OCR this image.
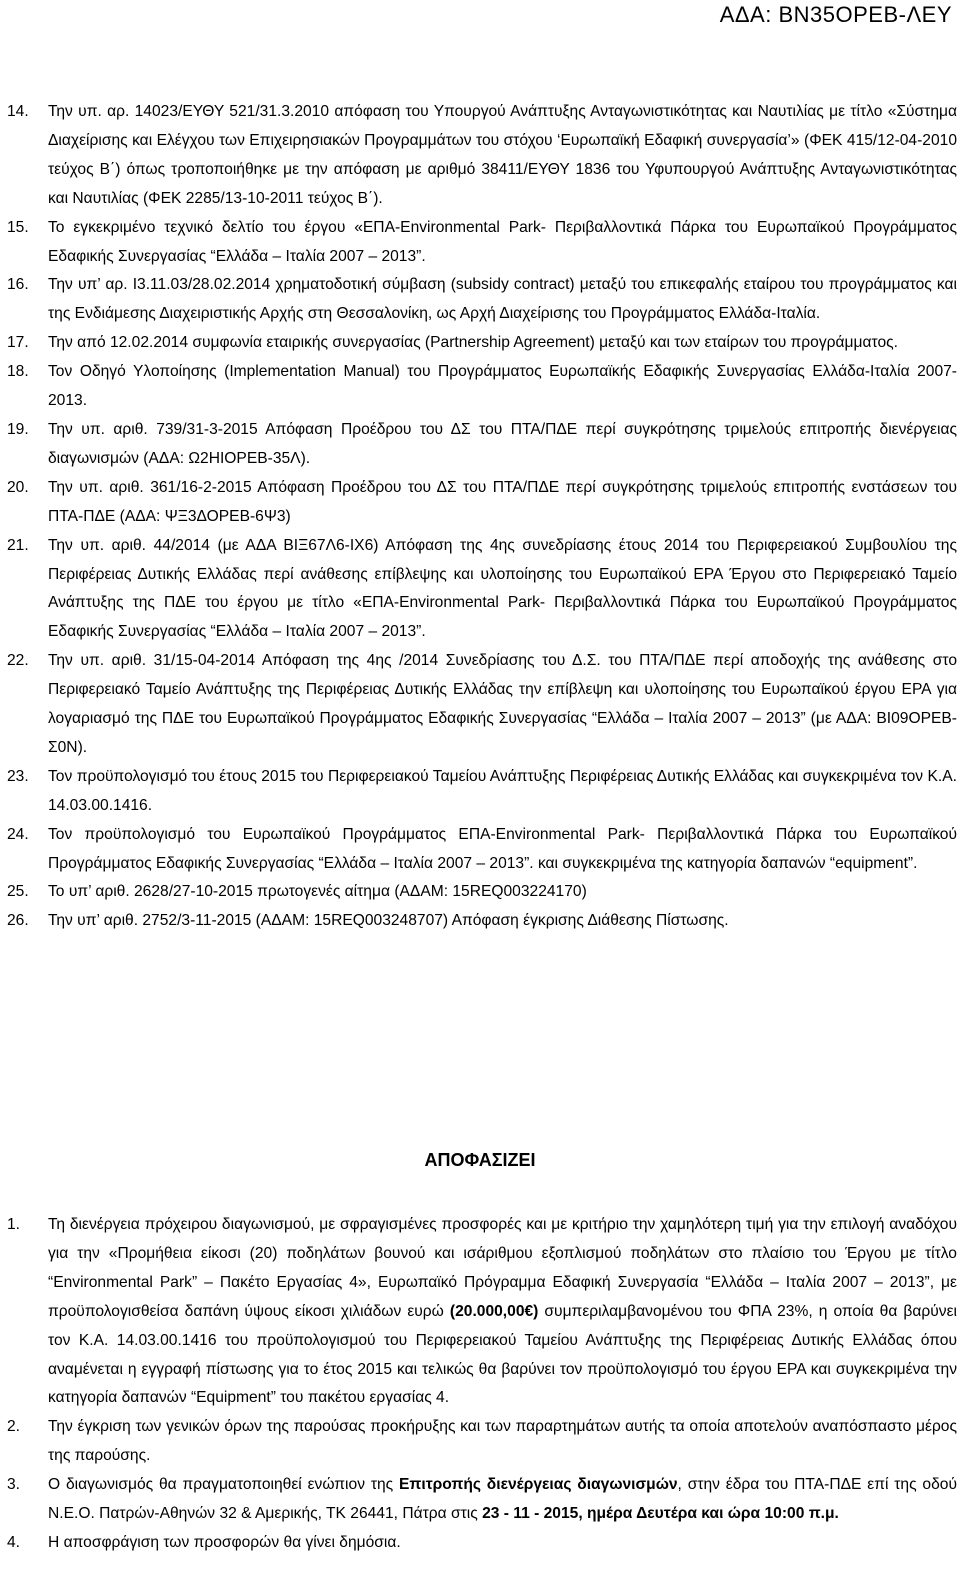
ΑΔΑ: ΒΝ35ΟΡΕΒ-ΛΕΥ
14.	Την υπ. αρ. 14023/ΕΥΘΥ 521/31.3.2010 απόφαση του Υπουργού Ανάπτυξης Ανταγωνιστικότητας και Ναυτιλίας με τίτλο «Σύστημα Διαχείρισης και Ελέγχου των Επιχειρησιακών Προγραμμάτων του στόχου ‘Ευρωπαϊκή Εδαφική συνεργασία’» (ΦΕΚ 415/12-04-2010 τεύχος Β΄) όπως τροποποιήθηκε με την απόφαση με αριθμό 38411/ΕΥΘΥ 1836 του Υφυπουργού Ανάπτυξης Ανταγωνιστικότητας και Ναυτιλίας (ΦΕΚ 2285/13-10-2011 τεύχος Β΄).
15.	Το εγκεκριμένο τεχνικό δελτίο του έργου «ΕΠΑ-Environmental Park- Περιβαλλοντικά Πάρκα του Ευρωπαϊκού Προγράμματος Εδαφικής Συνεργασίας “Ελλάδα – Ιταλία 2007 – 2013”.
16.	Την υπ’ αρ. I3.11.03/28.02.2014 χρηματοδοτική σύμβαση (subsidy contract) μεταξύ του επικεφαλής εταίρου του προγράμματος και της Ενδιάμεσης Διαχειριστικής Αρχής στη Θεσσαλονίκη, ως Αρχή Διαχείρισης του Προγράμματος Ελλάδα-Ιταλία.
17.	Την από 12.02.2014 συμφωνία εταιρικής συνεργασίας (Partnership Agreement) μεταξύ και των εταίρων του προγράμματος.
18.	Τον Οδηγό Υλοποίησης (Implementation Manual) του Προγράμματος Ευρωπαϊκής Εδαφικής Συνεργασίας Ελλάδα-Ιταλία 2007-2013.
19.	Την υπ. αριθ. 739/31-3-2015 Απόφαση Προέδρου του ΔΣ του ΠΤΑ/ΠΔΕ περί συγκρότησης τριμελούς επιτροπής διενέργειας διαγωνισμών (ΑΔΑ: Ω2ΗΙΟΡΕΒ-35Λ).
20.	Την υπ. αριθ. 361/16-2-2015 Απόφαση Προέδρου του ΔΣ του ΠΤΑ/ΠΔΕ περί συγκρότησης τριμελούς επιτροπής ενστάσεων του ΠΤΑ-ΠΔΕ (ΑΔΑ: ΨΞ3ΔΟΡΕΒ-6Ψ3)
21.	Την υπ. αριθ. 44/2014 (με ΑΔΑ ΒΙΞ67Λ6-ΙΧ6) Απόφαση της 4ης συνεδρίασης έτους 2014 του Περιφερειακού Συμβουλίου της Περιφέρειας Δυτικής Ελλάδας περί ανάθεσης επίβλεψης και υλοποίησης του Ευρωπαϊκού ΕΡΑ Έργου στο Περιφερειακό Ταμείο Ανάπτυξης της ΠΔΕ του έργου με τίτλο «ΕΠΑ-Environmental Park- Περιβαλλοντικά Πάρκα του Ευρωπαϊκού Προγράμματος Εδαφικής Συνεργασίας “Ελλάδα – Ιταλία 2007 – 2013”.
22.	Την υπ. αριθ. 31/15-04-2014 Απόφαση της 4ης /2014 Συνεδρίασης του Δ.Σ. του ΠΤΑ/ΠΔΕ περί αποδοχής της ανάθεσης στο Περιφερειακό Ταμείο Ανάπτυξης της Περιφέρειας Δυτικής Ελλάδας την επίβλεψη και υλοποίησης του Ευρωπαϊκού έργου ΕΡΑ για λογαριασμό της ΠΔΕ του Ευρωπαϊκού Προγράμματος Εδαφικής Συνεργασίας “Ελλάδα – Ιταλία 2007 – 2013” (με ΑΔΑ: ΒΙ09ΟΡΕΒ-Σ0Ν).
23.	Τον προϋπολογισμό του έτους 2015 του Περιφερειακού Ταμείου Ανάπτυξης Περιφέρειας Δυτικής Ελλάδας και συγκεκριμένα τον Κ.Α. 14.03.00.1416.
24.	Τον προϋπολογισμό του Ευρωπαϊκού Προγράμματος ΕΠΑ-Environmental Park- Περιβαλλοντικά Πάρκα του Ευρωπαϊκού Προγράμματος Εδαφικής Συνεργασίας “Ελλάδα – Ιταλία 2007 – 2013”. και συγκεκριμένα της κατηγορία δαπανών “equipment”.
25.	Το υπ’ αριθ. 2628/27-10-2015 πρωτογενές αίτημα (ΑΔΑΜ: 15REQ003224170)
26.	Την υπ’ αριθ. 2752/3-11-2015 (ΑΔΑΜ: 15REQ003248707) Απόφαση έγκρισης Διάθεσης Πίστωσης.
ΑΠΟΦΑΣΙΖΕΙ
1.	Τη διενέργεια πρόχειρου διαγωνισμού, με σφραγισμένες προσφορές και με κριτήριο την χαμηλότερη τιμή για την επιλογή αναδόχου για την «Προμήθεια είκοσι (20) ποδηλάτων βουνού και ισάριθμου εξοπλισμού ποδηλάτων στο πλαίσιο του Έργου με τίτλο “Environmental Park” – Πακέτο Εργασίας 4», Ευρωπαϊκό Πρόγραμμα Εδαφική Συνεργασία “Ελλάδα – Ιταλία 2007 – 2013”, με προϋπολογισθείσα δαπάνη ύψους είκοσι χιλιάδων ευρώ (20.000,00€) συμπεριλαμβανομένου του ΦΠΑ 23%, η οποία θα βαρύνει τον Κ.Α. 14.03.00.1416 του προϋπολογισμού του Περιφερειακού Ταμείου Ανάπτυξης της Περιφέρειας Δυτικής Ελλάδας όπου αναμένεται η εγγραφή πίστωσης για το έτος 2015 και τελικώς θα βαρύνει τον προϋπολογισμό του έργου ΕΡΑ και συγκεκριμένα την κατηγορία δαπανών “Equipment” του πακέτου εργασίας 4.
2.	Την έγκριση των γενικών όρων της παρούσας προκήρυξης και των παραρτημάτων αυτής τα οποία αποτελούν αναπόσπαστο μέρος της παρούσης.
3.	Ο διαγωνισμός θα πραγματοποιηθεί ενώπιον της Επιτροπής διενέργειας διαγωνισμών, στην έδρα του ΠΤΑ-ΠΔΕ επί της οδού Ν.Ε.Ο. Πατρών-Αθηνών 32 & Αμερικής, ΤΚ 26441, Πάτρα στις 23 - 11 - 2015, ημέρα Δευτέρα και ώρα 10:00 π.μ.
4.	Η αποσφράγιση των προσφορών θα γίνει δημόσια.
